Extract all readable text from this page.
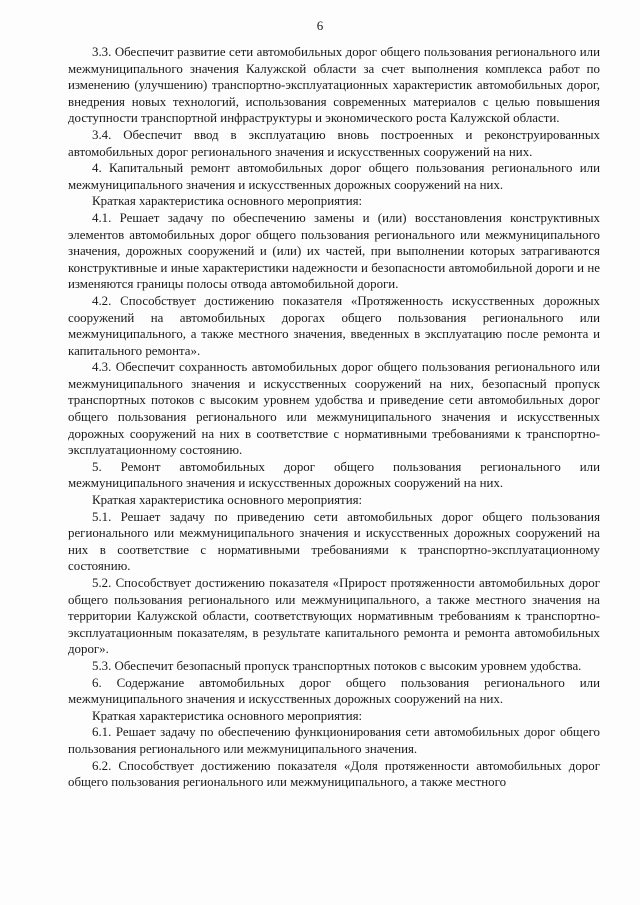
6

3.3. Обеспечит развитие сети автомобильных дорог общего пользования регионального или межмуниципального значения Калужской области за счет выполнения комплекса работ по изменению (улучшению) транспортно-эксплуатационных характеристик автомобильных дорог, внедрения новых технологий, использования современных материалов с целью повышения доступности транспортной инфраструктуры и экономического роста Калужской области.

3.4. Обеспечит ввод в эксплуатацию вновь построенных и реконструированных автомобильных дорог регионального значения и искусственных сооружений на них.

4. Капитальный ремонт автомобильных дорог общего пользования регионального или межмуниципального значения и искусственных дорожных сооружений на них.

Краткая характеристика основного мероприятия:

4.1. Решает задачу по обеспечению замены и (или) восстановления конструктивных элементов автомобильных дорог общего пользования регионального или межмуниципального значения, дорожных сооружений и (или) их частей, при выполнении которых затрагиваются конструктивные и иные характеристики надежности и безопасности автомобильной дороги и не изменяются границы полосы отвода автомобильной дороги.

4.2. Способствует достижению показателя «Протяженность искусственных дорожных сооружений на автомобильных дорогах общего пользования регионального или межмуниципального, а также местного значения, введенных в эксплуатацию после ремонта и капитального ремонта».

4.3. Обеспечит сохранность автомобильных дорог общего пользования регионального или межмуниципального значения и искусственных сооружений на них, безопасный пропуск транспортных потоков с высоким уровнем удобства и приведение сети автомобильных дорог общего пользования регионального или межмуниципального значения и искусственных дорожных сооружений на них в соответствие с нормативными требованиями к транспортно-эксплуатационному состоянию.

5. Ремонт автомобильных дорог общего пользования регионального или межмуниципального значения и искусственных дорожных сооружений на них.

Краткая характеристика основного мероприятия:

5.1. Решает задачу по приведению сети автомобильных дорог общего пользования регионального или межмуниципального значения и искусственных дорожных сооружений на них в соответствие с нормативными требованиями к транспортно-эксплуатационному состоянию.

5.2. Способствует достижению показателя «Прирост протяженности автомобильных дорог общего пользования регионального или межмуниципального, а также местного значения на территории Калужской области, соответствующих нормативным требованиям к транспортно-эксплуатационным показателям, в результате капитального ремонта и ремонта автомобильных дорог».

5.3. Обеспечит безопасный пропуск транспортных потоков с высоким уровнем удобства.

6. Содержание автомобильных дорог общего пользования регионального или межмуниципального значения и искусственных дорожных сооружений на них.

Краткая характеристика основного мероприятия:

6.1. Решает задачу по обеспечению функционирования сети автомобильных дорог общего пользования регионального или межмуниципального значения.

6.2. Способствует достижению показателя «Доля протяженности автомобильных дорог общего пользования регионального или межмуниципального, а также местного
